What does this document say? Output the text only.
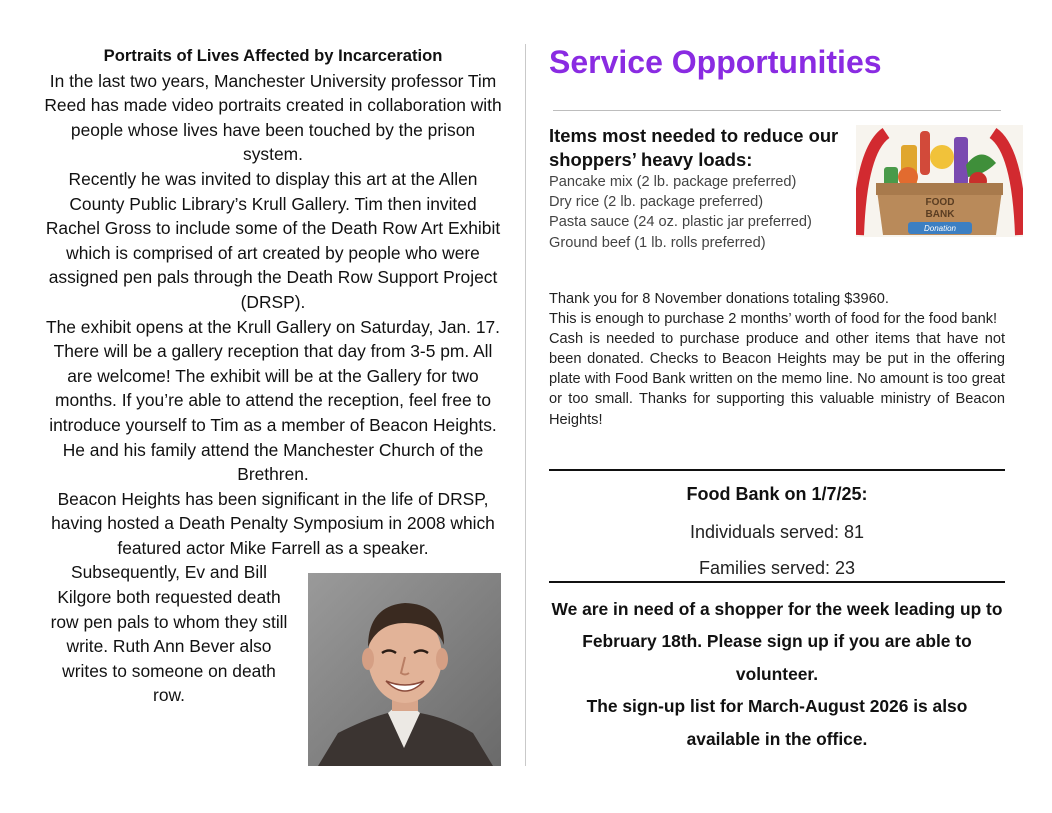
Portraits of Lives Affected by Incarceration

In the last two years, Manchester University professor Tim Reed has made video portraits created in collaboration with people whose lives have been touched by the prison system.

Recently he was invited to display this art at the Allen County Public Library’s Krull Gallery. Tim then invited Rachel Gross to include some of the Death Row Art Exhibit which is comprised of art created by people who were assigned pen pals through the Death Row Support Project (DRSP).

The exhibit opens at the Krull Gallery on Saturday, Jan. 17. There will be a gallery reception that day from 3-5 pm. All are welcome! The exhibit will be at the Gallery for two months. If you’re able to attend the reception, feel free to introduce yourself to Tim as a member of Beacon Heights. He and his family attend the Manchester Church of the Brethren.

Beacon Heights has been significant in the life of DRSP, having hosted a Death Penalty Symposium in 2008 which featured actor Mike Farrell as a speaker.

Subsequently, Ev and Bill Kilgore both requested death row pen pals to whom they still write. Ruth Ann Bever also writes to someone on death row.

Service Opportunities
Items most needed to reduce our shoppers’ heavy loads:
Pancake mix (2 lb. package preferred)
Dry rice (2 lb. package preferred)
Pasta sauce (24 oz. plastic jar preferred)
Ground beef (1 lb. rolls preferred)
FOOD
BANK
Donation

Thank you for 8 November donations totaling $3960.

This is enough to purchase 2 months’ worth of food for the food bank!

Cash is needed to purchase produce and other items that have not been donated. Checks to Beacon Heights may be put in the offering plate with Food Bank written on the memo line. No amount is too great or too small. Thanks for supporting this valuable ministry of Beacon Heights!

Food Bank on 1/7/25:
Individuals served: 81
Families served: 23

We are in need of a shopper for the week leading up to February 18th. Please sign up if you are able to volunteer.

The sign-up list for March-August 2026 is also available in the office.
